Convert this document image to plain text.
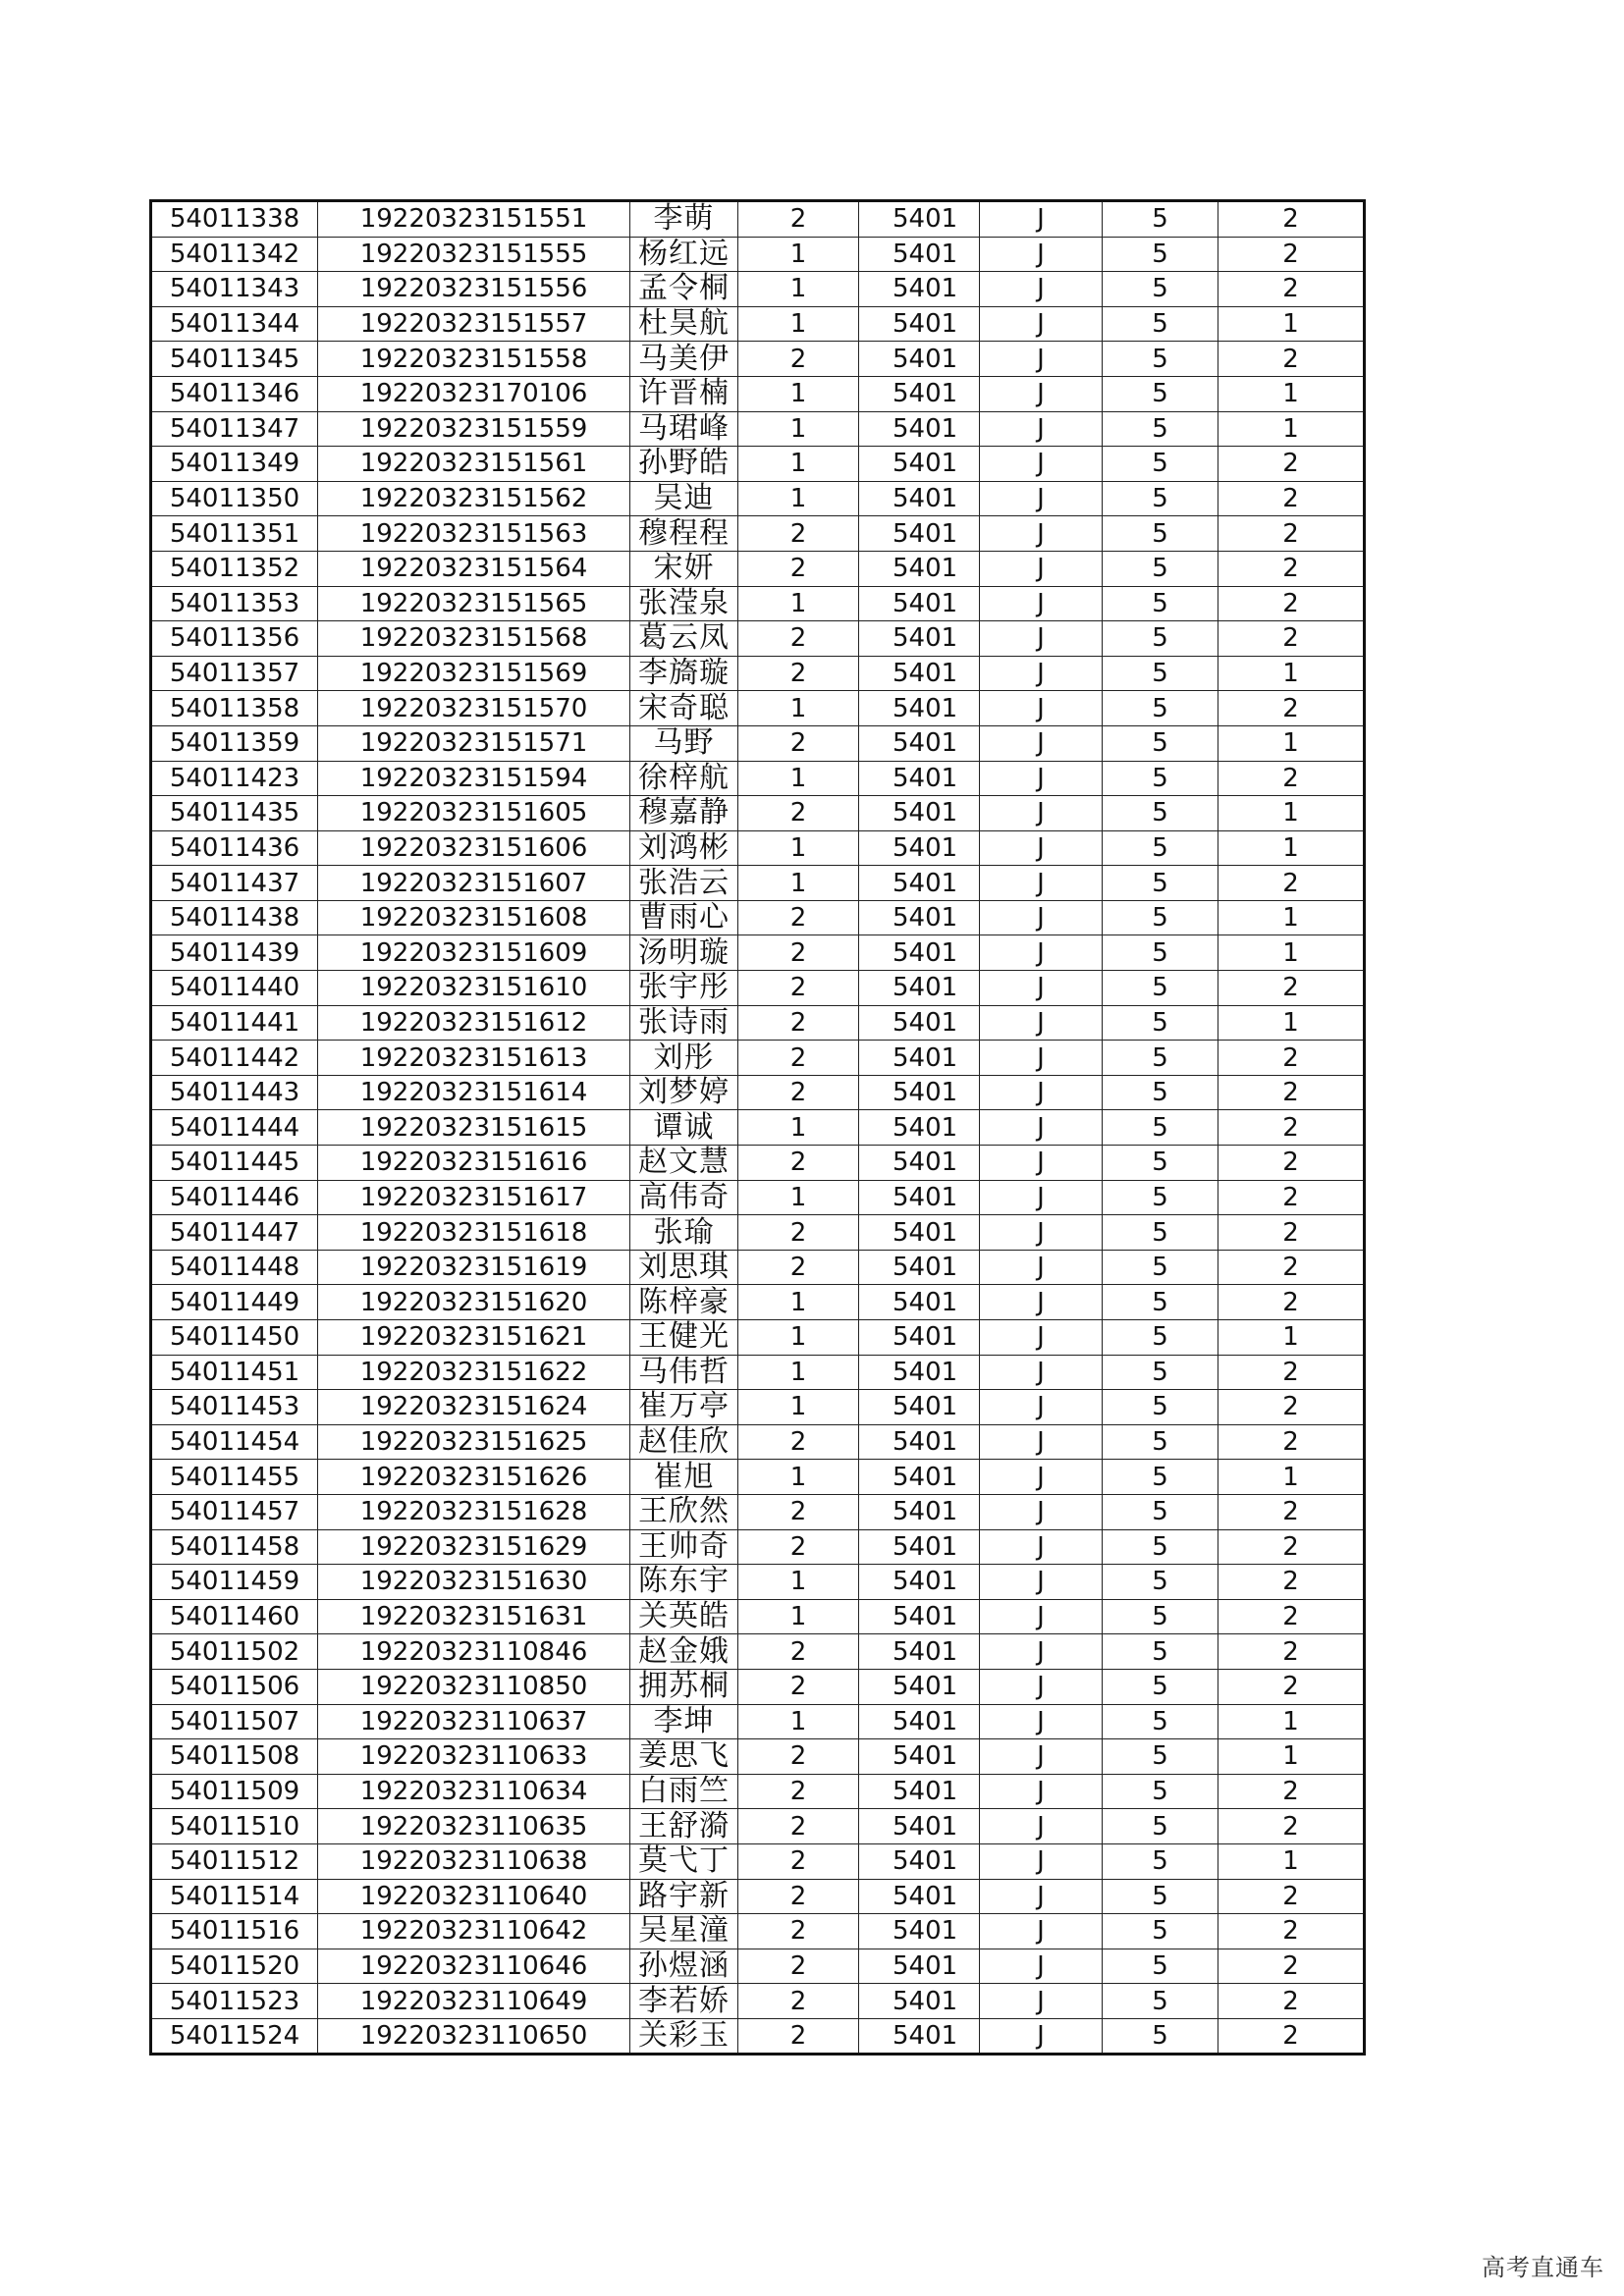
54011338	19220323151551	李萌	2	5401	J	5	2
54011342	19220323151555	杨红远	1	5401	J	5	2
54011343	19220323151556	孟令桐	1	5401	J	5	2
54011344	19220323151557	杜昊航	1	5401	J	5	1
54011345	19220323151558	马美伊	2	5401	J	5	2
54011346	19220323170106	许晋楠	1	5401	J	5	1
54011347	19220323151559	马珺峰	1	5401	J	5	1
54011349	19220323151561	孙野皓	1	5401	J	5	2
54011350	19220323151562	吴迪	1	5401	J	5	2
54011351	19220323151563	穆程程	2	5401	J	5	2
54011352	19220323151564	宋妍	2	5401	J	5	2
54011353	19220323151565	张滢泉	1	5401	J	5	2
54011356	19220323151568	葛云凤	2	5401	J	5	2
54011357	19220323151569	李旖璇	2	5401	J	5	1
54011358	19220323151570	宋奇聪	1	5401	J	5	2
54011359	19220323151571	马野	2	5401	J	5	1
54011423	19220323151594	徐梓航	1	5401	J	5	2
54011435	19220323151605	穆嘉静	2	5401	J	5	1
54011436	19220323151606	刘鸿彬	1	5401	J	5	1
54011437	19220323151607	张浩云	1	5401	J	5	2
54011438	19220323151608	曹雨心	2	5401	J	5	1
54011439	19220323151609	汤明璇	2	5401	J	5	1
54011440	19220323151610	张宇彤	2	5401	J	5	2
54011441	19220323151612	张诗雨	2	5401	J	5	1
54011442	19220323151613	刘彤	2	5401	J	5	2
54011443	19220323151614	刘梦婷	2	5401	J	5	2
54011444	19220323151615	谭诚	1	5401	J	5	2
54011445	19220323151616	赵文慧	2	5401	J	5	2
54011446	19220323151617	高伟奇	1	5401	J	5	2
54011447	19220323151618	张瑜	2	5401	J	5	2
54011448	19220323151619	刘思琪	2	5401	J	5	2
54011449	19220323151620	陈梓豪	1	5401	J	5	2
54011450	19220323151621	王健光	1	5401	J	5	1
54011451	19220323151622	马伟哲	1	5401	J	5	2
54011453	19220323151624	崔万亭	1	5401	J	5	2
54011454	19220323151625	赵佳欣	2	5401	J	5	2
54011455	19220323151626	崔旭	1	5401	J	5	1
54011457	19220323151628	王欣然	2	5401	J	5	2
54011458	19220323151629	王帅奇	2	5401	J	5	2
54011459	19220323151630	陈东宇	1	5401	J	5	2
54011460	19220323151631	关英皓	1	5401	J	5	2
54011502	19220323110846	赵金娥	2	5401	J	5	2
54011506	19220323110850	拥苏桐	2	5401	J	5	2
54011507	19220323110637	李坤	1	5401	J	5	1
54011508	19220323110633	姜思飞	2	5401	J	5	1
54011509	19220323110634	白雨竺	2	5401	J	5	2
54011510	19220323110635	王舒漪	2	5401	J	5	2
54011512	19220323110638	莫弋丁	2	5401	J	5	1
54011514	19220323110640	路宇新	2	5401	J	5	2
54011516	19220323110642	吴星潼	2	5401	J	5	2
54011520	19220323110646	孙煜涵	2	5401	J	5	2
54011523	19220323110649	李若娇	2	5401	J	5	2
54011524	19220323110650	关彩玉	2	5401	J	5	2
高考直通车
